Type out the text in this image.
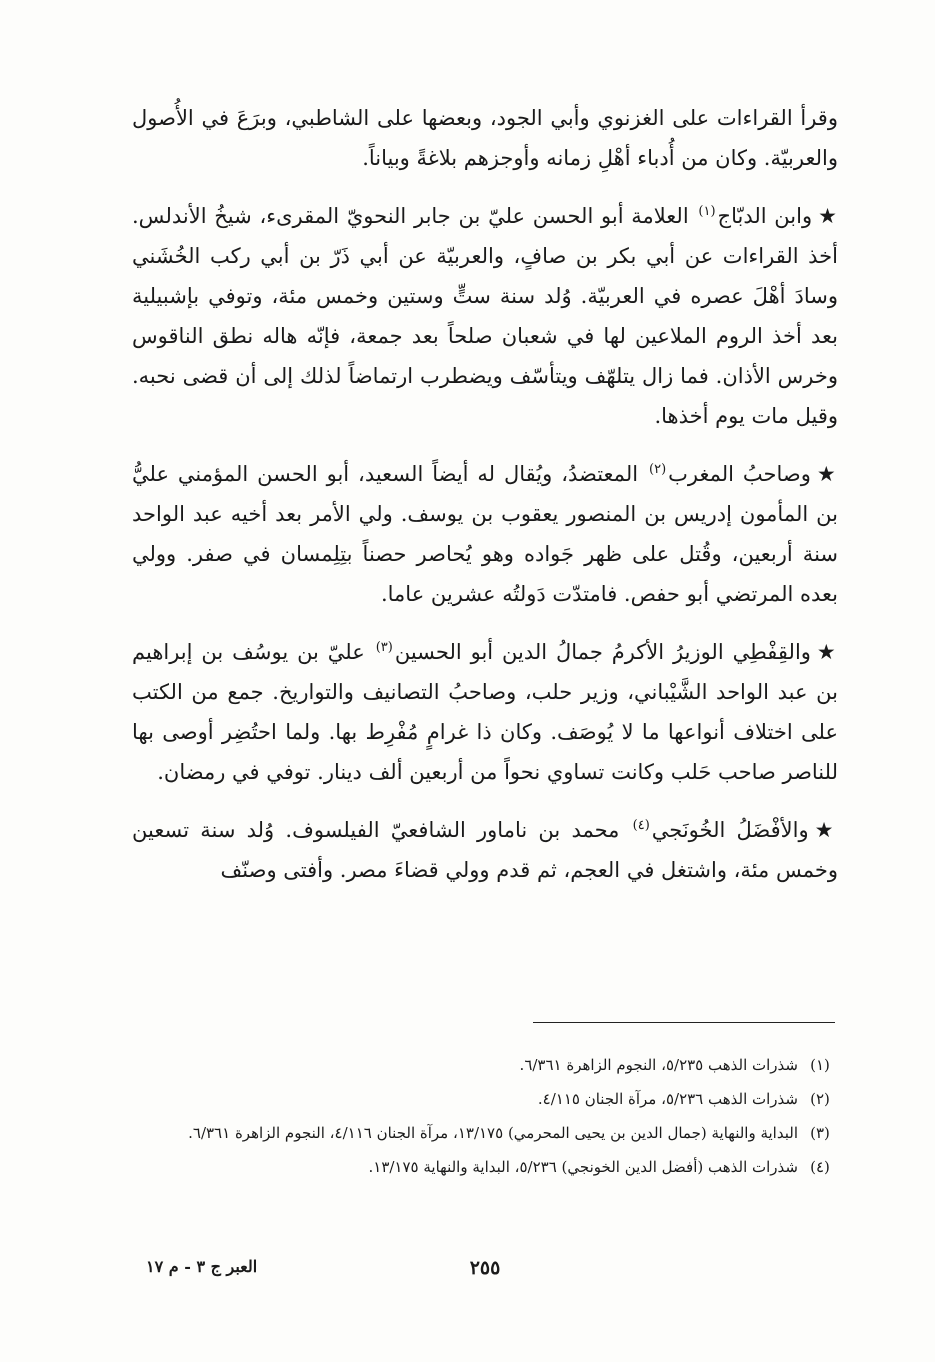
وقرأ القراءات على الغزنوي وأبي الجود، وبعضها على الشاطبي، وبرَعَ في الأُصول والعربيّة. وكان من أُدباء أهْلِ زمانه وأوجزهم بلاغةً وبياناً.

★وابن الدبّاج$^{(١)}$ العلامة أبو الحسن عليّ بن جابر النحويّ المقرىء، شيخُ الأندلس. أخذ القراءات عن أبي بكر بن صافٍ، والعربيّة عن أبي ذَرّ بن أبي ركب الخُشَني وسادَ أهْلَ عصره في العربيّة. وُلد سنة ستٍّ وستين وخمس مئة، وتوفي بإشبيلية بعد أخذ الروم الملاعين لها في شعبان صلحاً بعد جمعة، فإنّه هاله نطق الناقوس وخرس الأذان. فما زال يتلهّف ويتأسّف ويضطرب ارتماضاً لذلك إلى أن قضى نحبه. وقيل مات يوم أخذها.

★وصاحبُ المغرب$^{(٢)}$ المعتضدُ، ويُقال له أيضاً السعيد، أبو الحسن المؤمني عليُّ بن المأمون إدريس بن المنصور يعقوب بن يوسف. ولي الأمر بعد أخيه عبد الواحد سنة أربعين، وقُتل على ظهر جَواده وهو يُحاصر حصناً بتِلِمسان في صفر. وولي بعده المرتضي أبو حفص. فامتدّت دَولتُه عشرين عاما.

★والقِفْطِي الوزيرُ الأكرمُ جمالُ الدين أبو الحسين$^{(٣)}$ عليّ بن يوسُف بن إبراهيم بن عبد الواحد الشَّيْباني، وزير حلب، وصاحبُ التصانيف والتواريخ. جمع من الكتب على اختلاف أنواعها ما لا يُوصَف. وكان ذا غرامٍ مُفْرِط بها. ولما احتُضِر أوصى بها للناصر صاحب حَلب وكانت تساوي نحواً من أربعين ألف دينار. توفي في رمضان.

★والأفْضَلُ الخُونَجي$^{(٤)}$ محمد بن ناماور الشافعيّ الفيلسوف. وُلد سنة تسعين وخمس مئة، واشتغل في العجم، ثم قدم وولي قضاءَ مصر. وأفتى وصنّف

(١)
شذرات الذهب ٥/٢٣٥، النجوم الزاهرة ٦/٣٦١.
(٢)
شذرات الذهب ٥/٢٣٦، مرآة الجنان ٤/١١٥.
(٣)
البداية والنهاية (جمال الدين بن يحيى المحرمي) ١٣/١٧٥، مرآة الجنان ٤/١١٦، النجوم الزاهرة ٦/٣٦١.
(٤)
شذرات الذهب (أفضل الدين الخونجي) ٥/٢٣٦، البداية والنهاية ١٣/١٧٥.
٢٥٥
العبر ج ٣ - م ١٧
